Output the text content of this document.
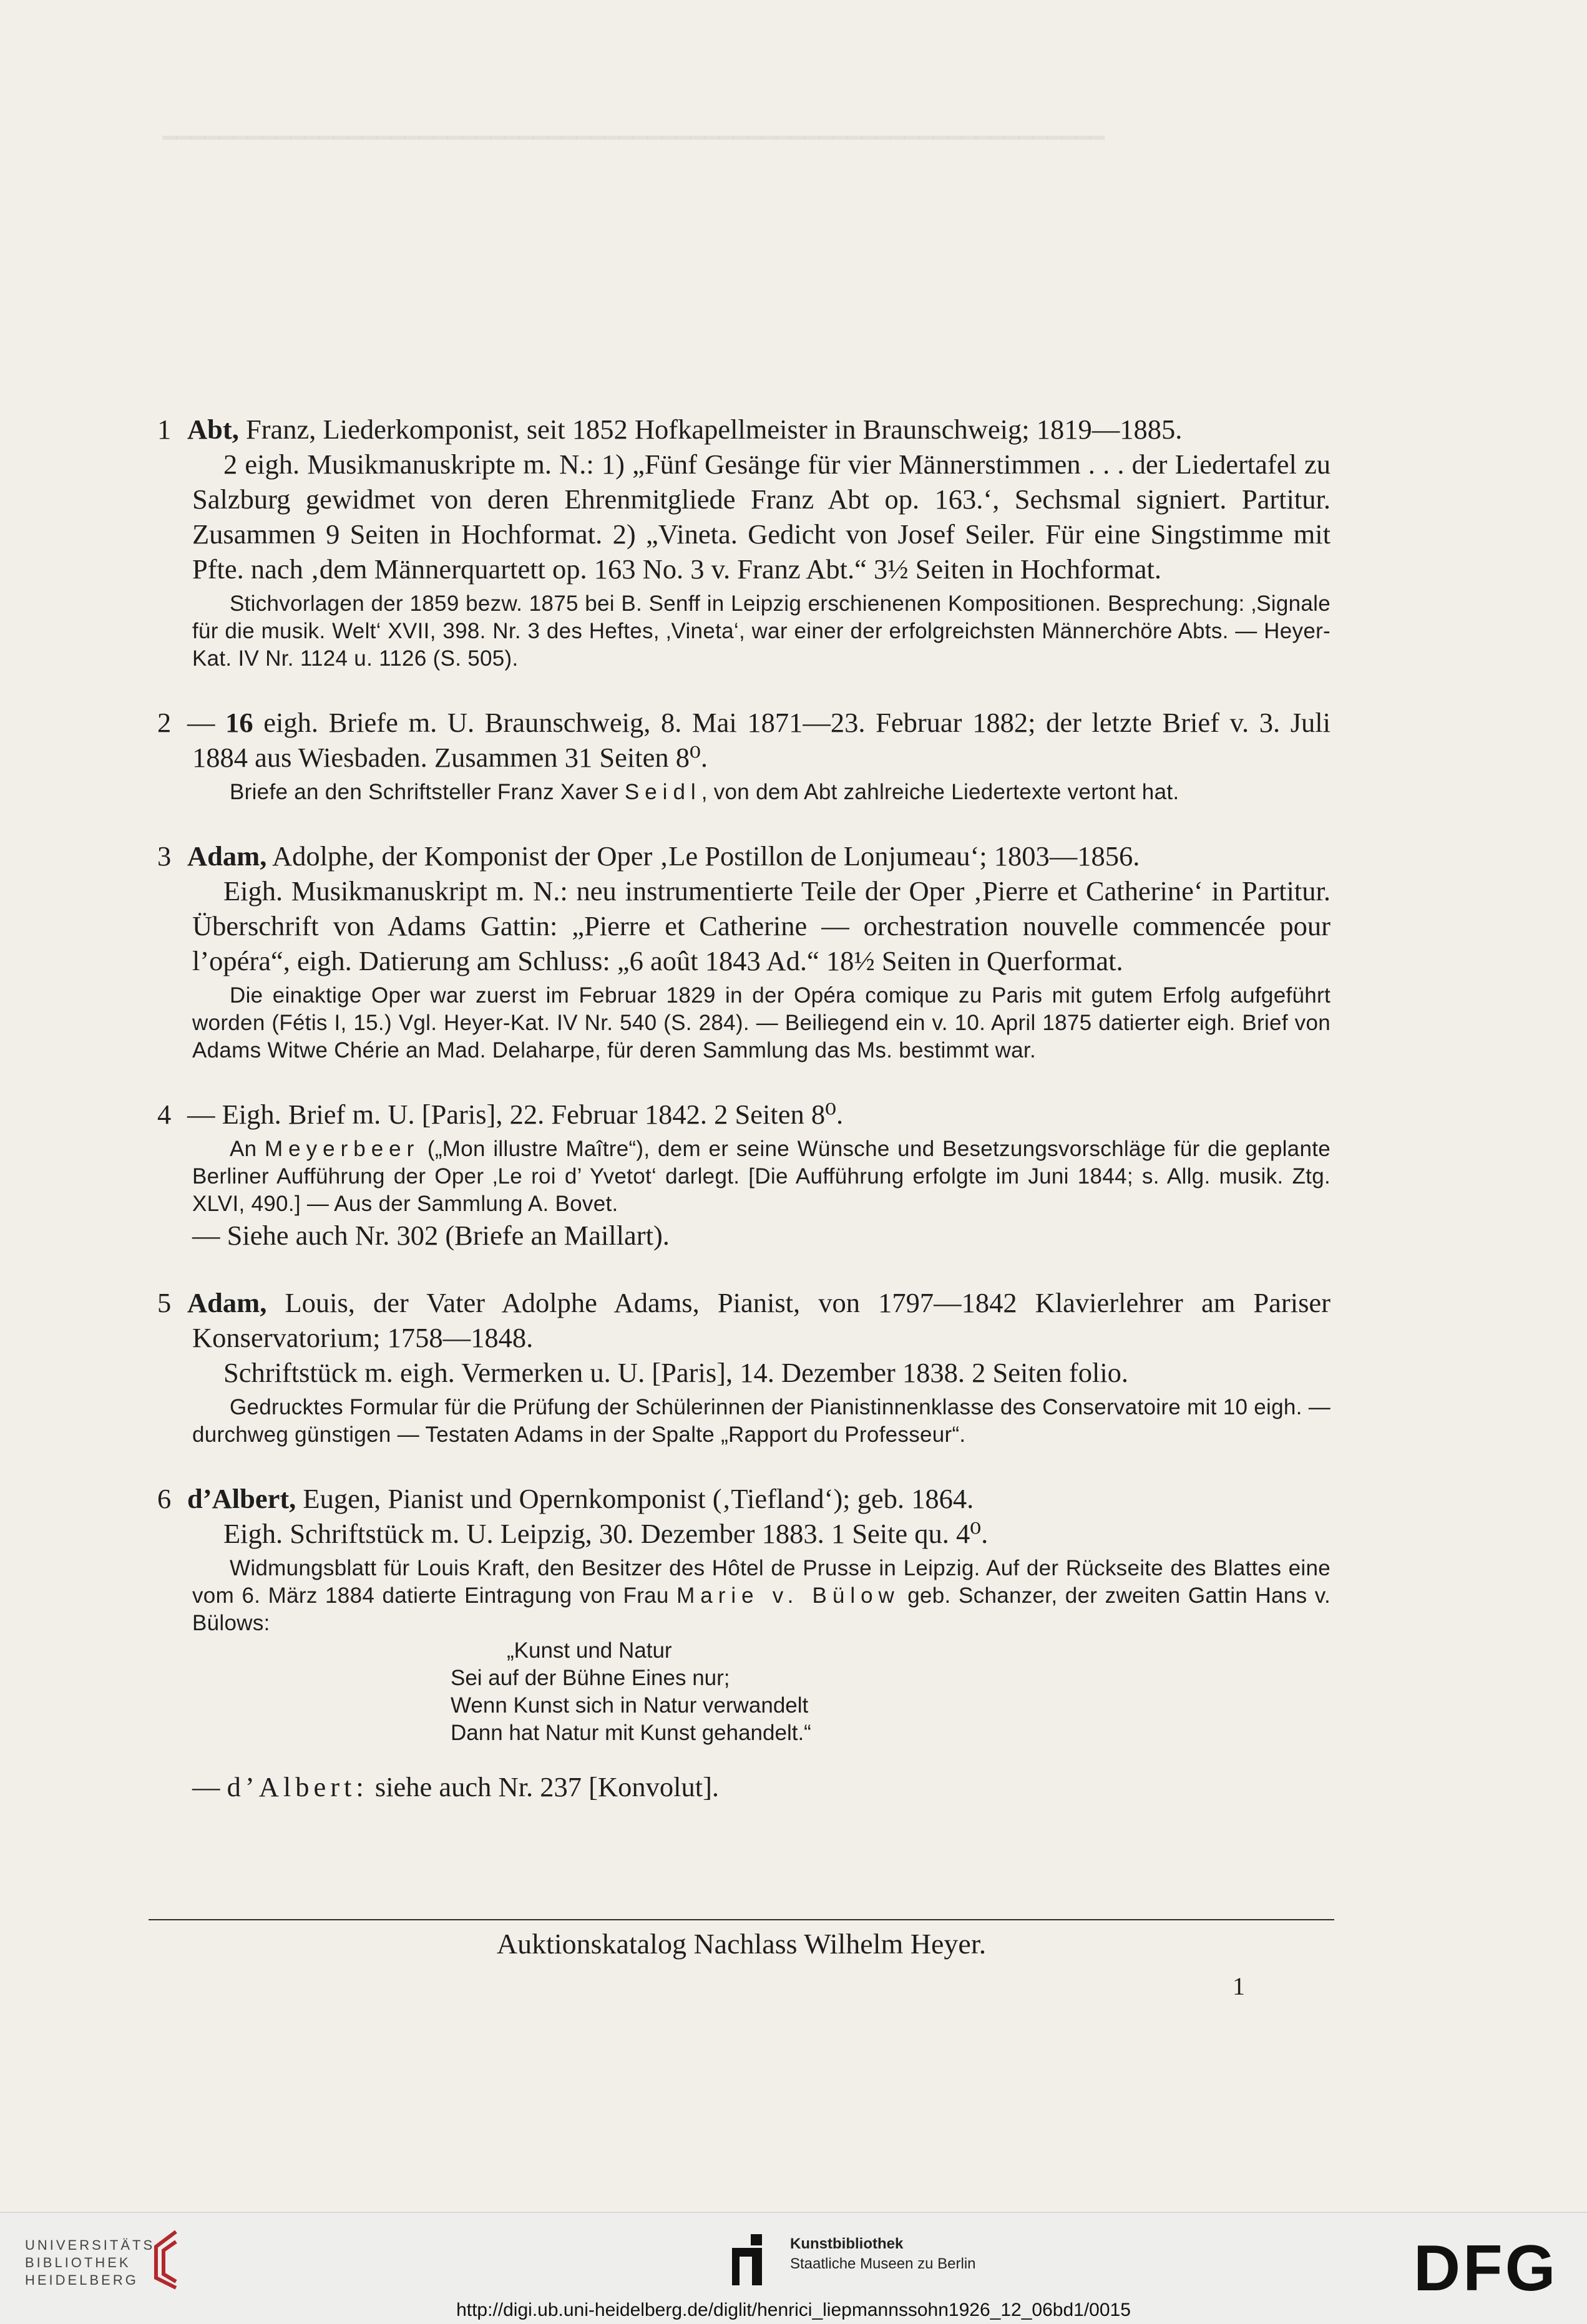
━━━━━━━━━━━━━━━━━━━━━━━━━━━━━━━━━━━━━━━━━━━━━━━━━━━━━━━━━━━━━━━━━━

1 Abt, Franz, Liederkomponist, seit 1852 Hofkapellmeister in Braunschweig; 1819—1885.

2 eigh. Musikmanuskripte m. N.: 1) „Fünf Gesänge für vier Männerstimmen . . . der Liedertafel zu Salzburg gewidmet von deren Ehrenmitgliede Franz Abt op. 163.‘, Sechsmal signiert. Partitur. Zusammen 9 Seiten in Hochformat. 2) „Vineta. Gedicht von Josef Seiler. Für eine Singstimme mit Pfte. nach ‚dem Männerquartett op. 163 No. 3 v. Franz Abt.“ 3½ Seiten in Hochformat.

Stichvorlagen der 1859 bezw. 1875 bei B. Senff in Leipzig erschienenen Kompositionen. Besprechung: ‚Signale für die musik. Welt‘ XVII, 398. Nr. 3 des Heftes, ‚Vineta‘, war einer der erfolgreichsten Männerchöre Abts. — Heyer-Kat. IV Nr. 1124 u. 1126 (S. 505).

2 — 16 eigh. Briefe m. U. Braunschweig, 8. Mai 1871—23. Februar 1882; der letzte Brief v. 3. Juli 1884 aus Wiesbaden. Zusammen 31 Seiten 8⁰.

Briefe an den Schriftsteller Franz Xaver Seidl, von dem Abt zahlreiche Liedertexte vertont hat.

3 Adam, Adolphe, der Komponist der Oper ‚Le Postillon de Lonjumeau‘; 1803—1856.

Eigh. Musikmanuskript m. N.: neu instrumentierte Teile der Oper ‚Pierre et Catherine‘ in Partitur. Überschrift von Adams Gattin: „Pierre et Catherine — orchestration nouvelle commencée pour l’opéra“, eigh. Datierung am Schluss: „6 août 1843 Ad.“ 18½ Seiten in Querformat.

Die einaktige Oper war zuerst im Februar 1829 in der Opéra comique zu Paris mit gutem Erfolg aufgeführt worden (Fétis I, 15.) Vgl. Heyer-Kat. IV Nr. 540 (S. 284). — Beiliegend ein v. 10. April 1875 datierter eigh. Brief von Adams Witwe Chérie an Mad. Delaharpe, für deren Sammlung das Ms. bestimmt war.

4 — Eigh. Brief m. U. [Paris], 22. Februar 1842. 2 Seiten 8⁰.

An Meyerbeer („Mon illustre Maître“), dem er seine Wünsche und Besetzungsvorschläge für die geplante Berliner Aufführung der Oper ‚Le roi d’ Yvetot‘ darlegt. [Die Aufführung erfolgte im Juni 1844; s. Allg. musik. Ztg. XLVI, 490.] — Aus der Sammlung A. Bovet.

— Siehe auch Nr. 302 (Briefe an Maillart).

5 Adam, Louis, der Vater Adolphe Adams, Pianist, von 1797—1842 Klavierlehrer am Pariser Konservatorium; 1758—1848.

Schriftstück m. eigh. Vermerken u. U. [Paris], 14. Dezember 1838. 2 Seiten folio.

Gedrucktes Formular für die Prüfung der Schülerinnen der Pianistinnenklasse des Conservatoire mit 10 eigh. — durchweg günstigen — Testaten Adams in der Spalte „Rapport du Professeur“.

6 d’Albert, Eugen, Pianist und Opernkomponist (‚Tiefland‘); geb. 1864.

Eigh. Schriftstück m. U. Leipzig, 30. Dezember 1883. 1 Seite qu. 4⁰.

Widmungsblatt für Louis Kraft, den Besitzer des Hôtel de Prusse in Leipzig. Auf der Rückseite des Blattes eine vom 6. März 1884 datierte Eintragung von Frau Marie v. Bülow geb. Schanzer, der zweiten Gattin Hans v. Bülows:

„Kunst und Natur
Sei auf der Bühne Eines nur;
Wenn Kunst sich in Natur verwandelt
Dann hat Natur mit Kunst gehandelt.“

— d’Albert: siehe auch Nr. 237 [Konvolut].

Auktionskatalog Nachlass Wilhelm Heyer.
1
UNIVERSITÄTS-
BIBLIOTHEK
HEIDELBERG
Kunstbibliothek
Staatliche Museen zu Berlin	DFG
http://digi.ub.uni-heidelberg.de/diglit/henrici_liepmannssohn1926_12_06bd1/0015
